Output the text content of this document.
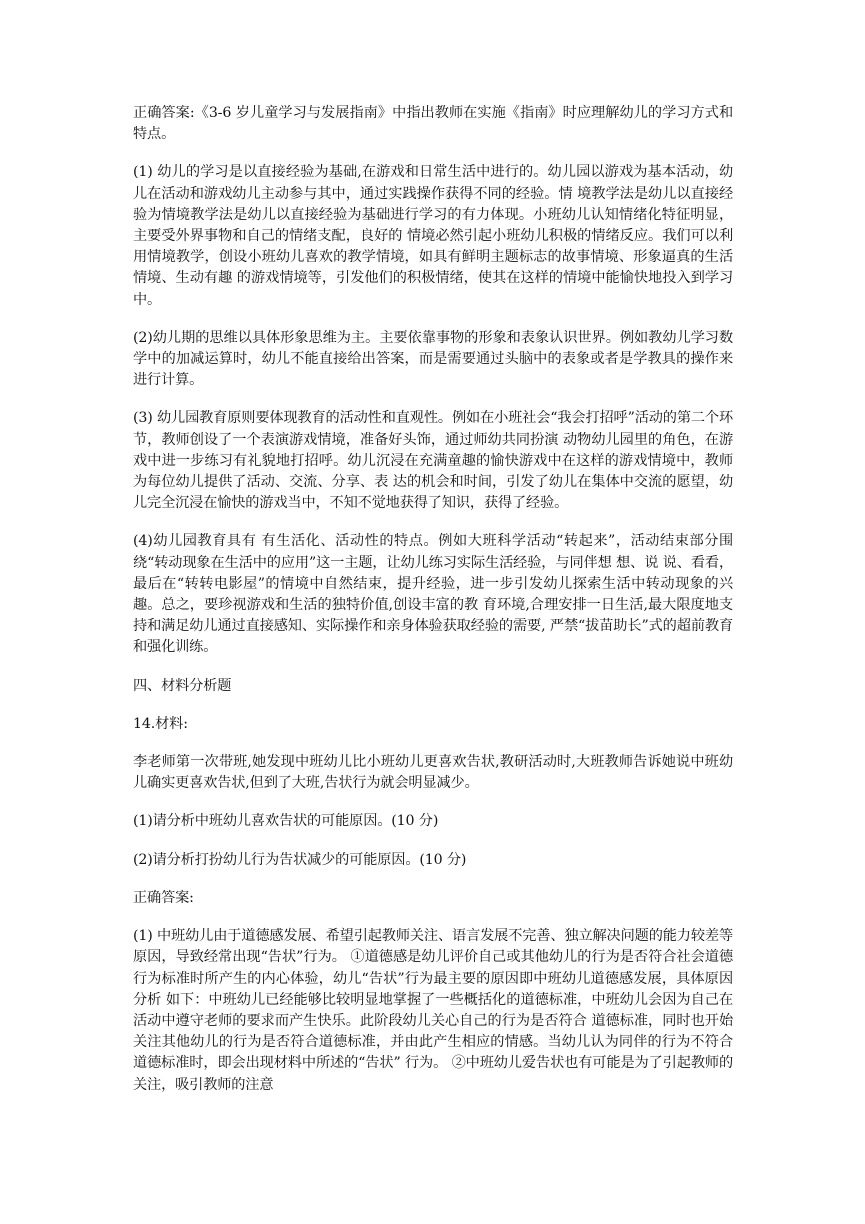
正确答案:《3-6 岁儿童学习与发展指南》中指出教师在实施《指南》时应理解幼儿的学习方式和特点。

(1) 幼儿的学习是以直接经验为基础,在游戏和日常生活中进行的。幼儿园以游戏为基本活动，幼儿在活动和游戏幼儿主动参与其中，通过实践操作获得不同的经验。情 境教学法是幼儿以直接经验为情境教学法是幼儿以直接经验为基础进行学习的有力体现。小班幼儿认知情绪化特征明显，主要受外界事物和自己的情绪支配，良好的 情境必然引起小班幼儿积极的情绪反应。我们可以利用情境教学，创设小班幼儿喜欢的教学情境，如具有鲜明主题标志的故事情境、形象逼真的生活情境、生动有趣 的游戏情境等，引发他们的积极情绪，使其在这样的情境中能愉快地投入到学习中。

(2)幼儿期的思维以具体形象思维为主。主要依靠事物的形象和表象认识世界。例如教幼儿学习数学中的加减运算时，幼儿不能直接给出答案，而是需要通过头脑中的表象或者是学教具的操作来进行计算。

(3) 幼儿园教育原则要体现教育的活动性和直观性。例如在小班社会“我会打招呼”活动的第二个环节，教师创设了一个表演游戏情境，准备好头饰，通过师幼共同扮演 动物幼儿园里的角色，在游戏中进一步练习有礼貌地打招呼。幼儿沉浸在充满童趣的愉快游戏中在这样的游戏情境中，教师为每位幼儿提供了活动、交流、分享、表 达的机会和时间，引发了幼儿在集体中交流的愿望，幼儿完全沉浸在愉快的游戏当中，不知不觉地获得了知识，获得了经验。

(4)幼儿园教育具有 有生活化、活动性的特点。例如大班科学活动“转起来”，活动结束部分围绕“转动现象在生活中的应用”这一主题，让幼儿练习实际生活经验，与同伴想 想、说 说、看看，最后在“转转电影屋”的情境中自然结束，提升经验，进一步引发幼儿探索生活中转动现象的兴趣。总之，要珍视游戏和生活的独特价值,创设丰富的教 育环境,合理安排一日生活,最大限度地支持和满足幼儿通过直接感知、实际操作和亲身体验获取经验的需要, 严禁“拔苗助长”式的超前教育和强化训练。

四、材料分析题

14.材料:

李老师第一次带班,她发现中班幼儿比小班幼儿更喜欢告状,教研活动时,大班教师告诉她说中班幼儿确实更喜欢告状,但到了大班,告状行为就会明显减少。

(1)请分析中班幼儿喜欢告状的可能原因。(10 分)

(2)请分析打扮幼儿行为告状减少的可能原因。(10 分)

正确答案:

(1) 中班幼儿由于道德感发展、希望引起教师关注、语言发展不完善、独立解决问题的能力较差等原因，导致经常出现“告状”行为。 ①道德感是幼儿评价自己或其他幼儿的行为是否符合社会道德行为标准时所产生的内心体验，幼儿“告状”行为最主要的原因即中班幼儿道德感发展，具体原因分析 如下：中班幼儿已经能够比较明显地掌握了一些概括化的道德标准，中班幼儿会因为自己在活动中遵守老师的要求而产生快乐。此阶段幼儿关心自己的行为是否符合 道德标准，同时也开始关注其他幼儿的行为是否符合道德标准，并由此产生相应的情感。当幼儿认为同伴的行为不符合道德标准时，即会出现材料中所述的“告状” 行为。 ②中班幼儿爱告状也有可能是为了引起教师的关注，吸引教师的注意
